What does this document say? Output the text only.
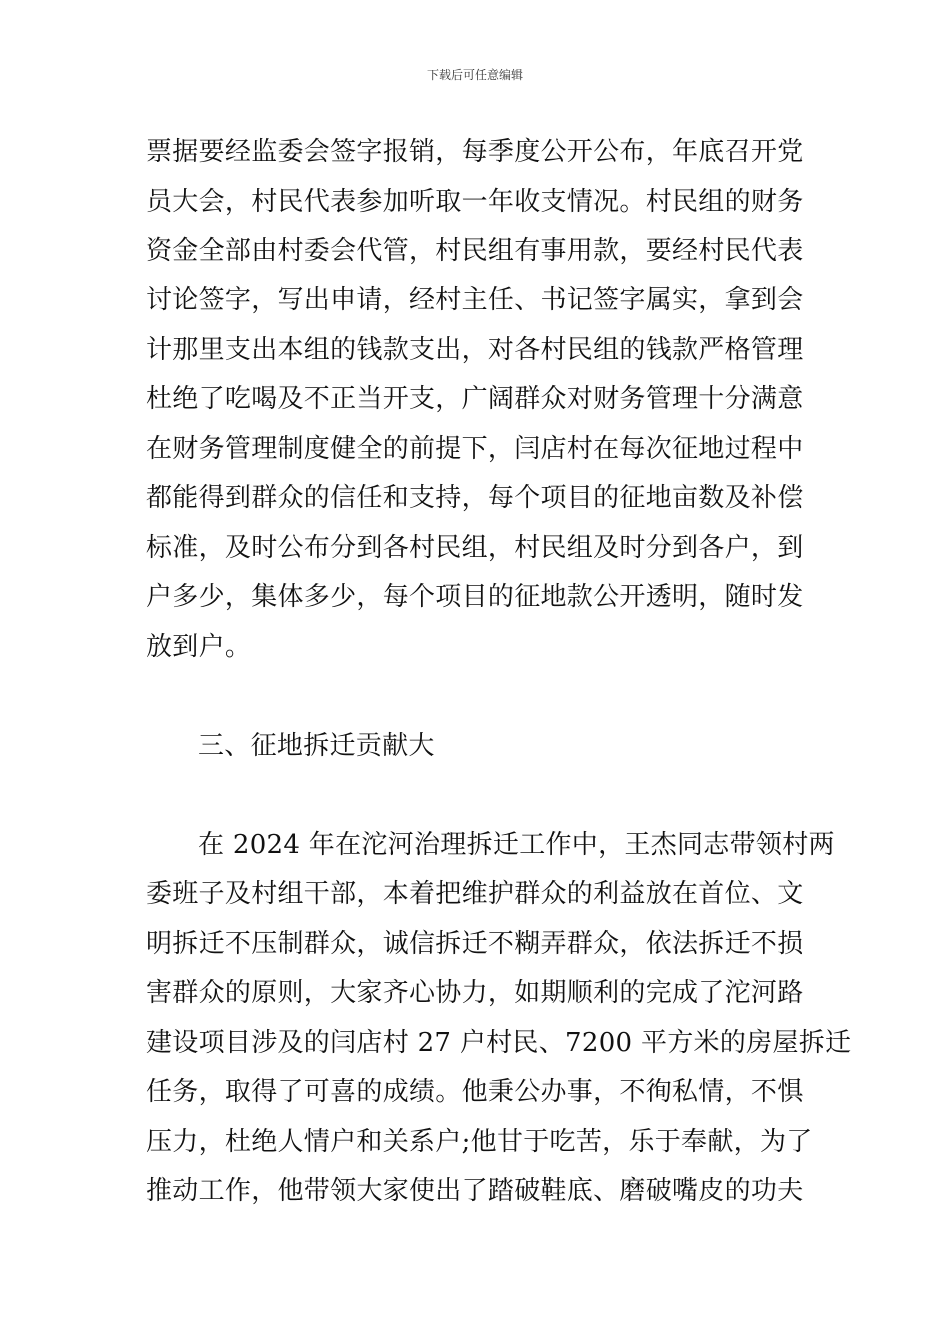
下载后可任意编辑
票据要经监委会签字报销，每季度公开公布，年底召开党
员大会，村民代表参加听取一年收支情况。村民组的财务
资金全部由村委会代管，村民组有事用款，要经村民代表
讨论签字，写出申请，经村主任、书记签字属实，拿到会
计那里支出本组的钱款支出，对各村民组的钱款严格管理
杜绝了吃喝及不正当开支，广阔群众对财务管理十分满意
在财务管理制度健全的前提下，闫店村在每次征地过程中
都能得到群众的信任和支持，每个项目的征地亩数及补偿
标准，及时公布分到各村民组，村民组及时分到各户，到
户多少，集体多少，每个项目的征地款公开透明，随时发
放到户。
三、征地拆迁贡献大
在 2024 年在沱河治理拆迁工作中，王杰同志带领村两
委班子及村组干部，本着把维护群众的利益放在首位、文
明拆迁不压制群众，诚信拆迁不糊弄群众，依法拆迁不损
害群众的原则，大家齐心协力，如期顺利的完成了沱河路
建设项目涉及的闫店村 27 户村民、7200 平方米的房屋拆迁
任务，取得了可喜的成绩。他秉公办事，不徇私情，不惧
压力，杜绝人情户和关系户;他甘于吃苦，乐于奉献，为了
推动工作，他带领大家使出了踏破鞋底、磨破嘴皮的功夫
